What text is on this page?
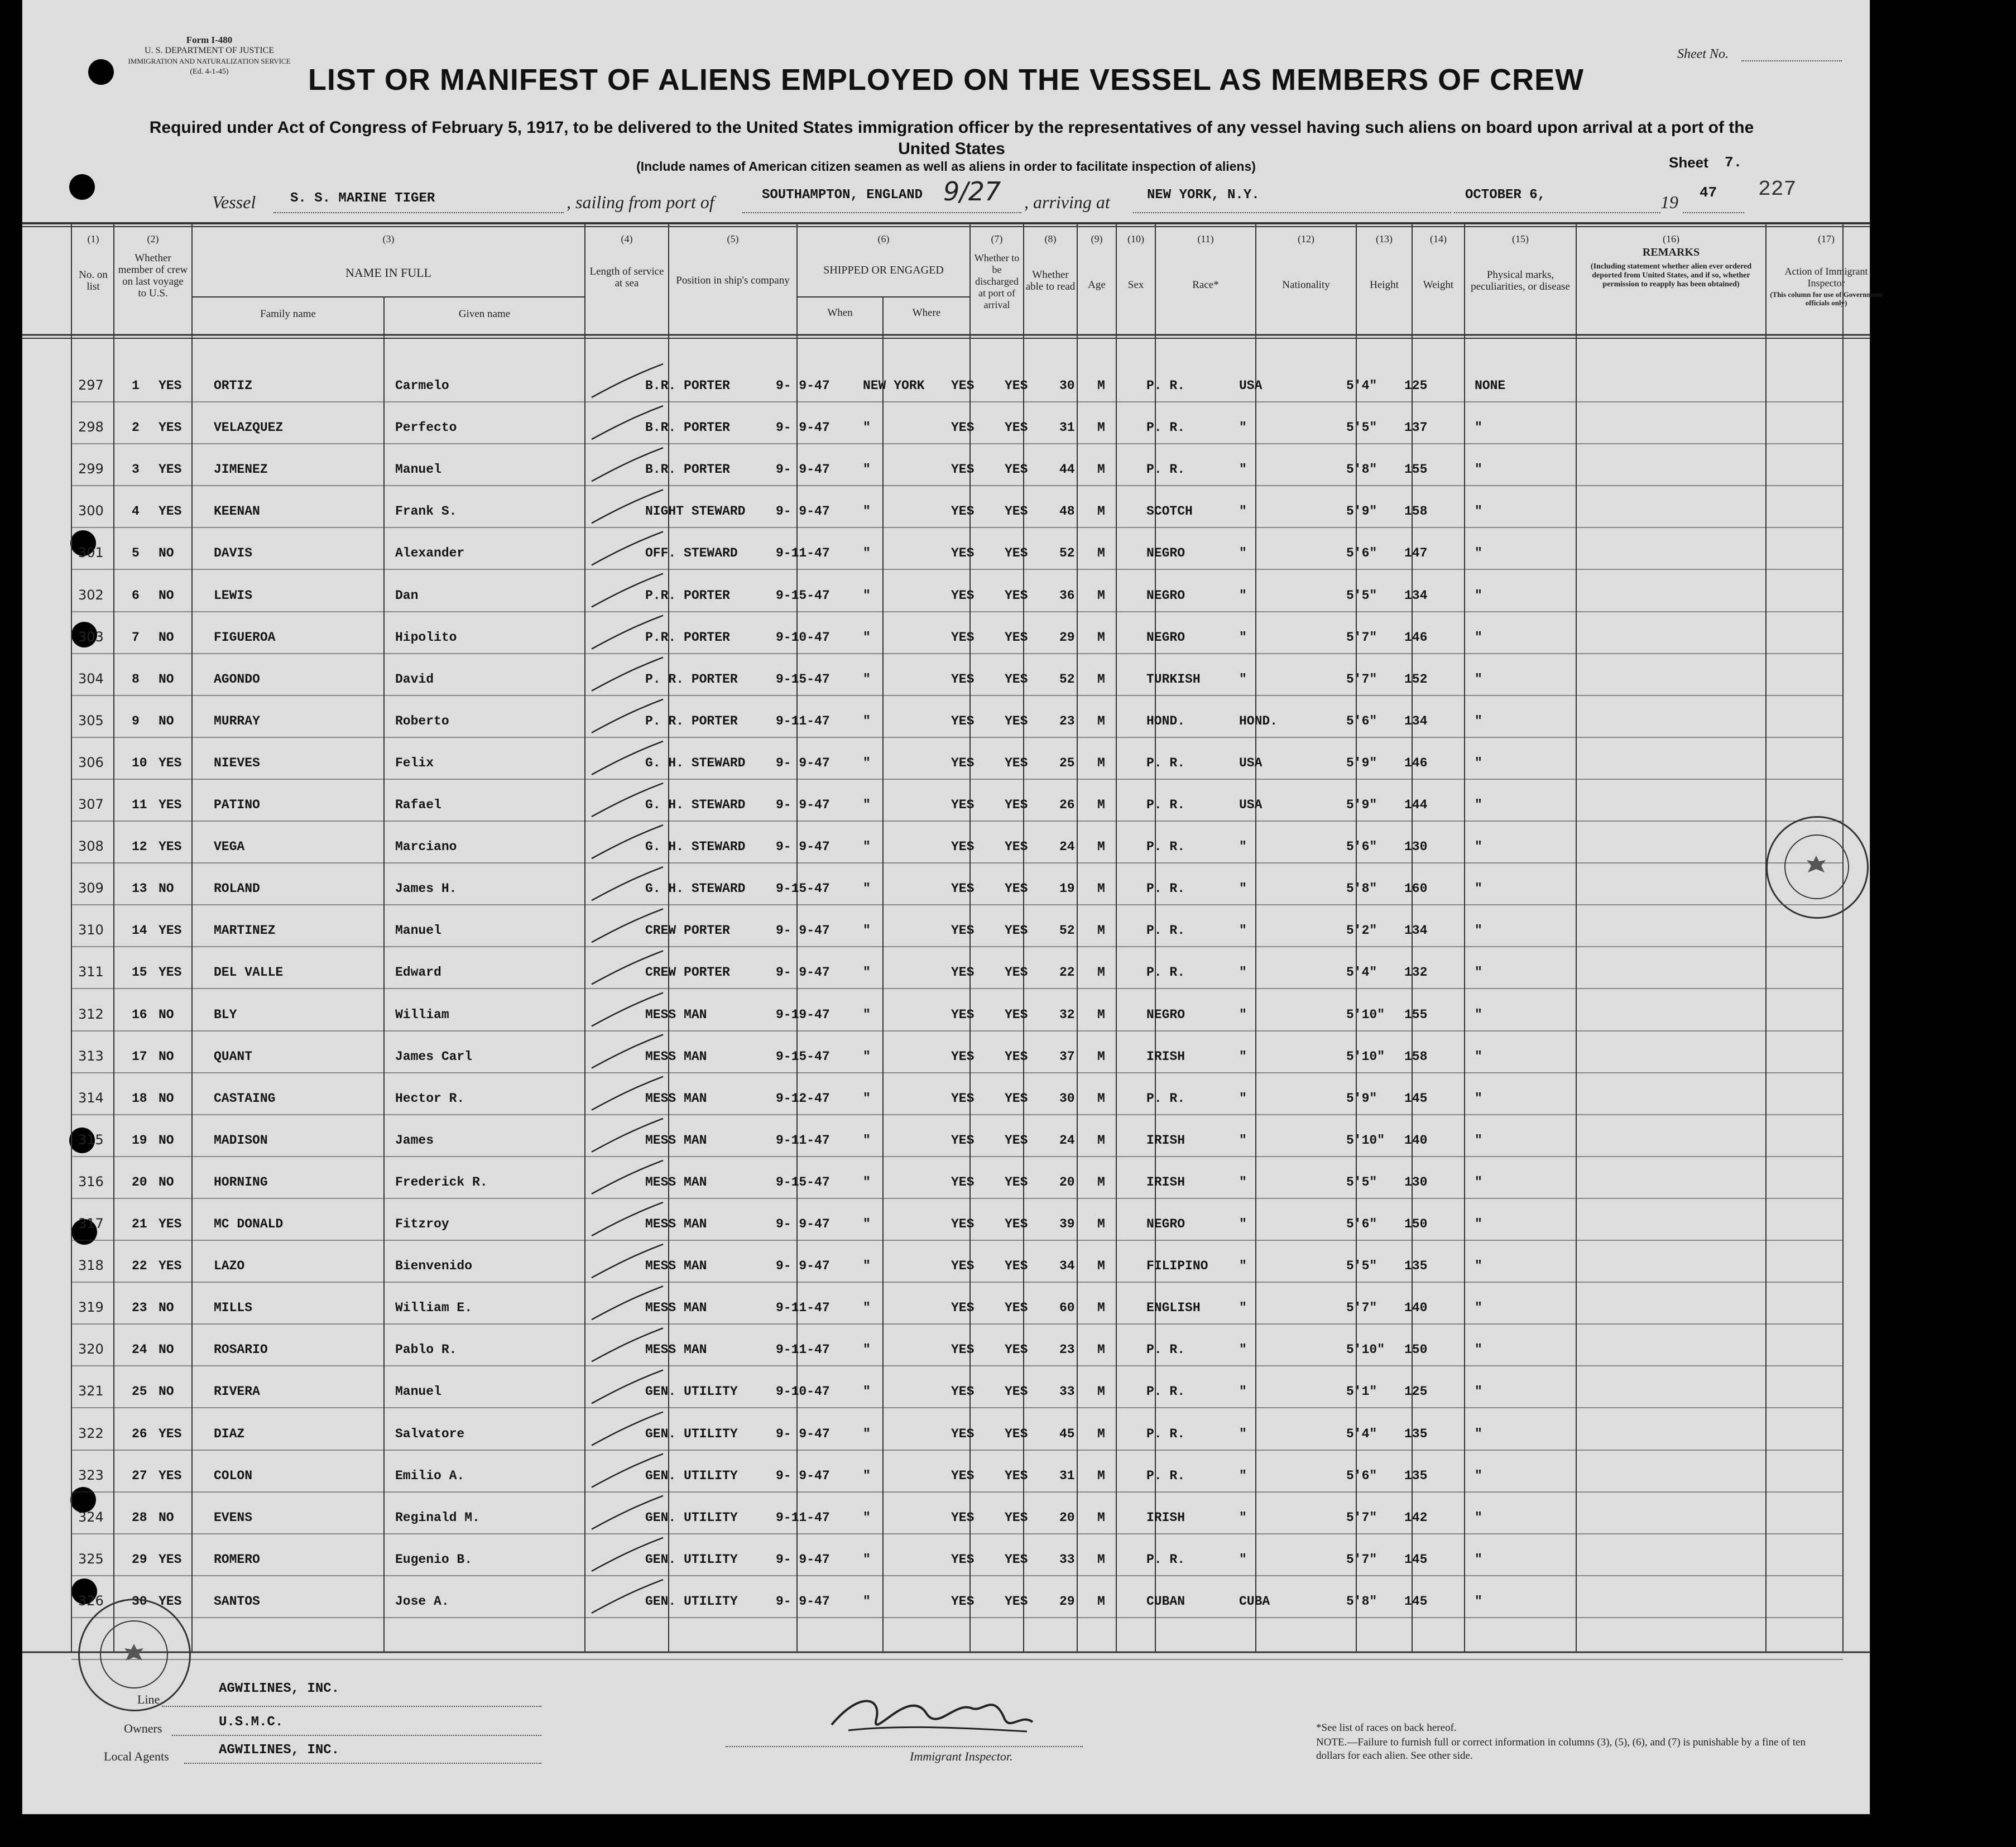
Form I-480
U. S. DEPARTMENT OF JUSTICE
IMMIGRATION AND NATURALIZATION SERVICE
(Ed. 4-1-45)
Sheet No.
LIST OR MANIFEST OF ALIENS EMPLOYED ON THE VESSEL AS MEMBERS OF CREW
Required under Act of Congress of February 5, 1917, to be delivered to the United States immigration officer by the representatives of any vessel having such aliens on board upon arrival at a port of the United States
(Include names of American citizen seamen as well as aliens in order to facilitate inspection of aliens)	Sheet 7.
227
Vessel	S. S. MARINE TIGER	, sailing from port of	SOUTHAMPTON, ENGLAND 9/27 , arriving at	NEW YORK, N.Y.	OCTOBER 6,	19 47
(1)
No. on list
(2)
Whether member of crew on last voyage to U.S.
(3)
NAME IN FULL
Family name	Given name
(4)
Length of service at sea
(5)
Position in ship's company
(6)
SHIPPED OR ENGAGED
When	Where
(7)
Whether to be discharged at port of arrival
(8)
Whether able to read
(9)
Age
(10)
Sex
(11)
Race*
(12)
Nationality
(13)
Height
(14)
Weight
(15)
Physical marks, peculiarities, or disease
(16)
REMARKS
(Including statement whether alien ever ordered deported from United States, and if so, whether permission to reapply has been obtained)
(17)
Action of Immigrant Inspector
(This column for use of Government officials only)
297 1 YES	ORTIZ	Carmelo	B.R. PORTER	9- 9-47	NEW YORK YES YES 30 M	P. R.	USA	5'4" 125	NONE
298 2 YES	VELAZQUEZ	Perfecto	B.R. PORTER	9- 9-47	"	YES YES 31 M	P. R.	"	5'5" 137	"
299 3 YES	JIMENEZ	Manuel	B.R. PORTER	9- 9-47	"	YES YES 44 M	P. R.	"	5'8" 155	"
300 4 YES	KEENAN	Frank S.	NIGHT STEWARD 9- 9-47	"	YES YES 48 M	SCOTCH	"	5'9" 158	"
301 5 NO	DAVIS	Alexander	OFF. STEWARD	9-11-47	"	YES YES 52 M	NEGRO	"	5'6" 147	"
302 6 NO	LEWIS	Dan	P.R. PORTER	9-15-47	"	YES YES 36 M	NEGRO	"	5'5" 134	"
303 7 NO	FIGUEROA	Hipolito	P.R. PORTER	9-10-47	"	YES YES 29 M	NEGRO	"	5'7" 146	"
304 8 NO	AGONDO	David	P. R. PORTER	9-15-47	"	YES YES 52 M	TURKISH	"	5'7" 152	"
305 9 NO	MURRAY	Roberto	P. R. PORTER	9-11-47	"	YES YES 23 M	HOND.	HOND.	5'6" 134	"
306 10 YES	NIEVES	Felix	G. H. STEWARD 9- 9-47	"	YES YES 25 M	P. R.	USA	5'9" 146	"
307 11 YES	PATINO	Rafael	G. H. STEWARD 9- 9-47	"	YES YES 26 M	P. R.	USA	5'9" 144	"
308 12 YES	VEGA	Marciano	G. H. STEWARD 9- 9-47	"	YES YES 24 M	P. R.	"	5'6" 130	"
309 13 NO	ROLAND	James H.	G. H. STEWARD 9-15-47	"	YES YES 19 M	P. R.	"	5'8" 160	"
310 14 YES	MARTINEZ	Manuel	CREW PORTER	9- 9-47	"	YES YES 52 M	P. R.	"	5'2" 134	"
311 15 YES	DEL VALLE	Edward	CREW PORTER	9- 9-47	"	YES YES 22 M	P. R.	"	5'4" 132	"
312 16 NO	BLY	William	MESS MAN	9-19-47	"	YES YES 32 M	NEGRO	"	5'10" 155	"
313 17 NO	QUANT	James Carl	MESS MAN	9-15-47	"	YES YES 37 M	IRISH	"	5'10" 158	"
314 18 NO	CASTAING	Hector R.	MESS MAN	9-12-47	"	YES YES 30 M	P. R.	"	5'9" 145	"
315 19 NO	MADISON	James	MESS MAN	9-11-47	"	YES YES 24 M	IRISH	"	5'10" 140	"
316 20 NO	HORNING	Frederick R.	MESS MAN	9-15-47	"	YES YES 20 M	IRISH	"	5'5" 130	"
317 21 YES	MC DONALD	Fitzroy	MESS MAN	9- 9-47	"	YES YES 39 M	NEGRO	"	5'6" 150	"
318 22 YES	LAZO	Bienvenido	MESS MAN	9- 9-47	"	YES YES 34 M	FILIPINO "	5'5" 135	"
319 23 NO	MILLS	William E.	MESS MAN	9-11-47	"	YES YES 60 M	ENGLISH	"	5'7" 140	"
320 24 NO	ROSARIO	Pablo R.	MESS MAN	9-11-47	"	YES YES 23 M	P. R.	"	5'10" 150	"
321 25 NO	RIVERA	Manuel	GEN. UTILITY	9-10-47	"	YES YES 33 M	P. R.	"	5'1" 125	"
322 26 YES	DIAZ	Salvatore	GEN. UTILITY	9- 9-47	"	YES YES 45 M	P. R.	"	5'4" 135	"
323 27 YES	COLON	Emilio A.	GEN. UTILITY	9- 9-47	"	YES YES 31 M	P. R.	"	5'6" 135	"
324 28 NO	EVENS	Reginald M.	GEN. UTILITY	9-11-47	"	YES YES 20 M	IRISH	"	5'7" 142	"
325 29 YES	ROMERO	Eugenio B.	GEN. UTILITY	9- 9-47	"	YES YES 33 M	P. R.	"	5'7" 145	"
326 30 YES	SANTOS	Jose A.	GEN. UTILITY	9- 9-47	"	YES YES 29 M	CUBAN	CUBA	5'8" 145	"
Line
AGWILINES, INC.
Owners	U.S.M.C.
Local Agents	AGWILINES, INC.	Immigrant Inspector.
*See list of races on back hereof.
NOTE.—Failure to furnish full or correct information in columns (3), (5), (6), and (7) is punishable by a fine of ten dollars for each alien. See other side.
